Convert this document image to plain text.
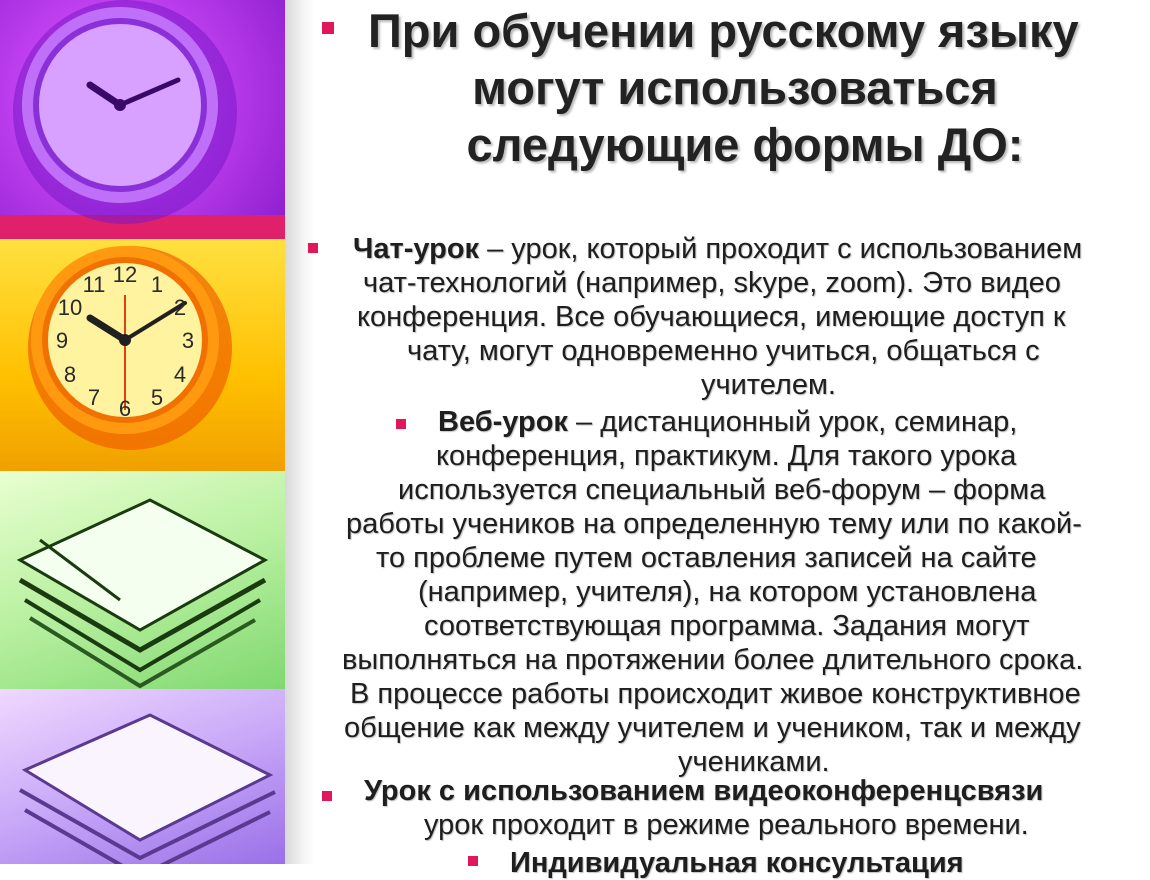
12 1
2
3
4
5
6
7
8
9
10
11
При обучении русскому языку
могут использоваться
следующие формы ДО:
Чат-урок – урок, который проходит с использованием
чат-технологий (например, skype, zoom). Это видео
конференция. Все обучающиеся, имеющие доступ к
чату, могут одновременно учиться, общаться с
учителем.
Веб-урок – дистанционный урок, семинар,
конференция, практикум. Для такого урока
используется специальный веб-форум – форма
работы учеников на определенную тему или по какой-
то проблеме путем оставления записей на сайте
(например, учителя), на котором установлена
соответствующая программа. Задания могут
выполняться на протяжении более длительного срока.
В процессе работы происходит живое конструктивное
общение как между учителем и учеником, так и между
учениками.
Урок с использованием видеоконференцсвязи
урок проходит в режиме реального времени.
Индивидуальная консультация
